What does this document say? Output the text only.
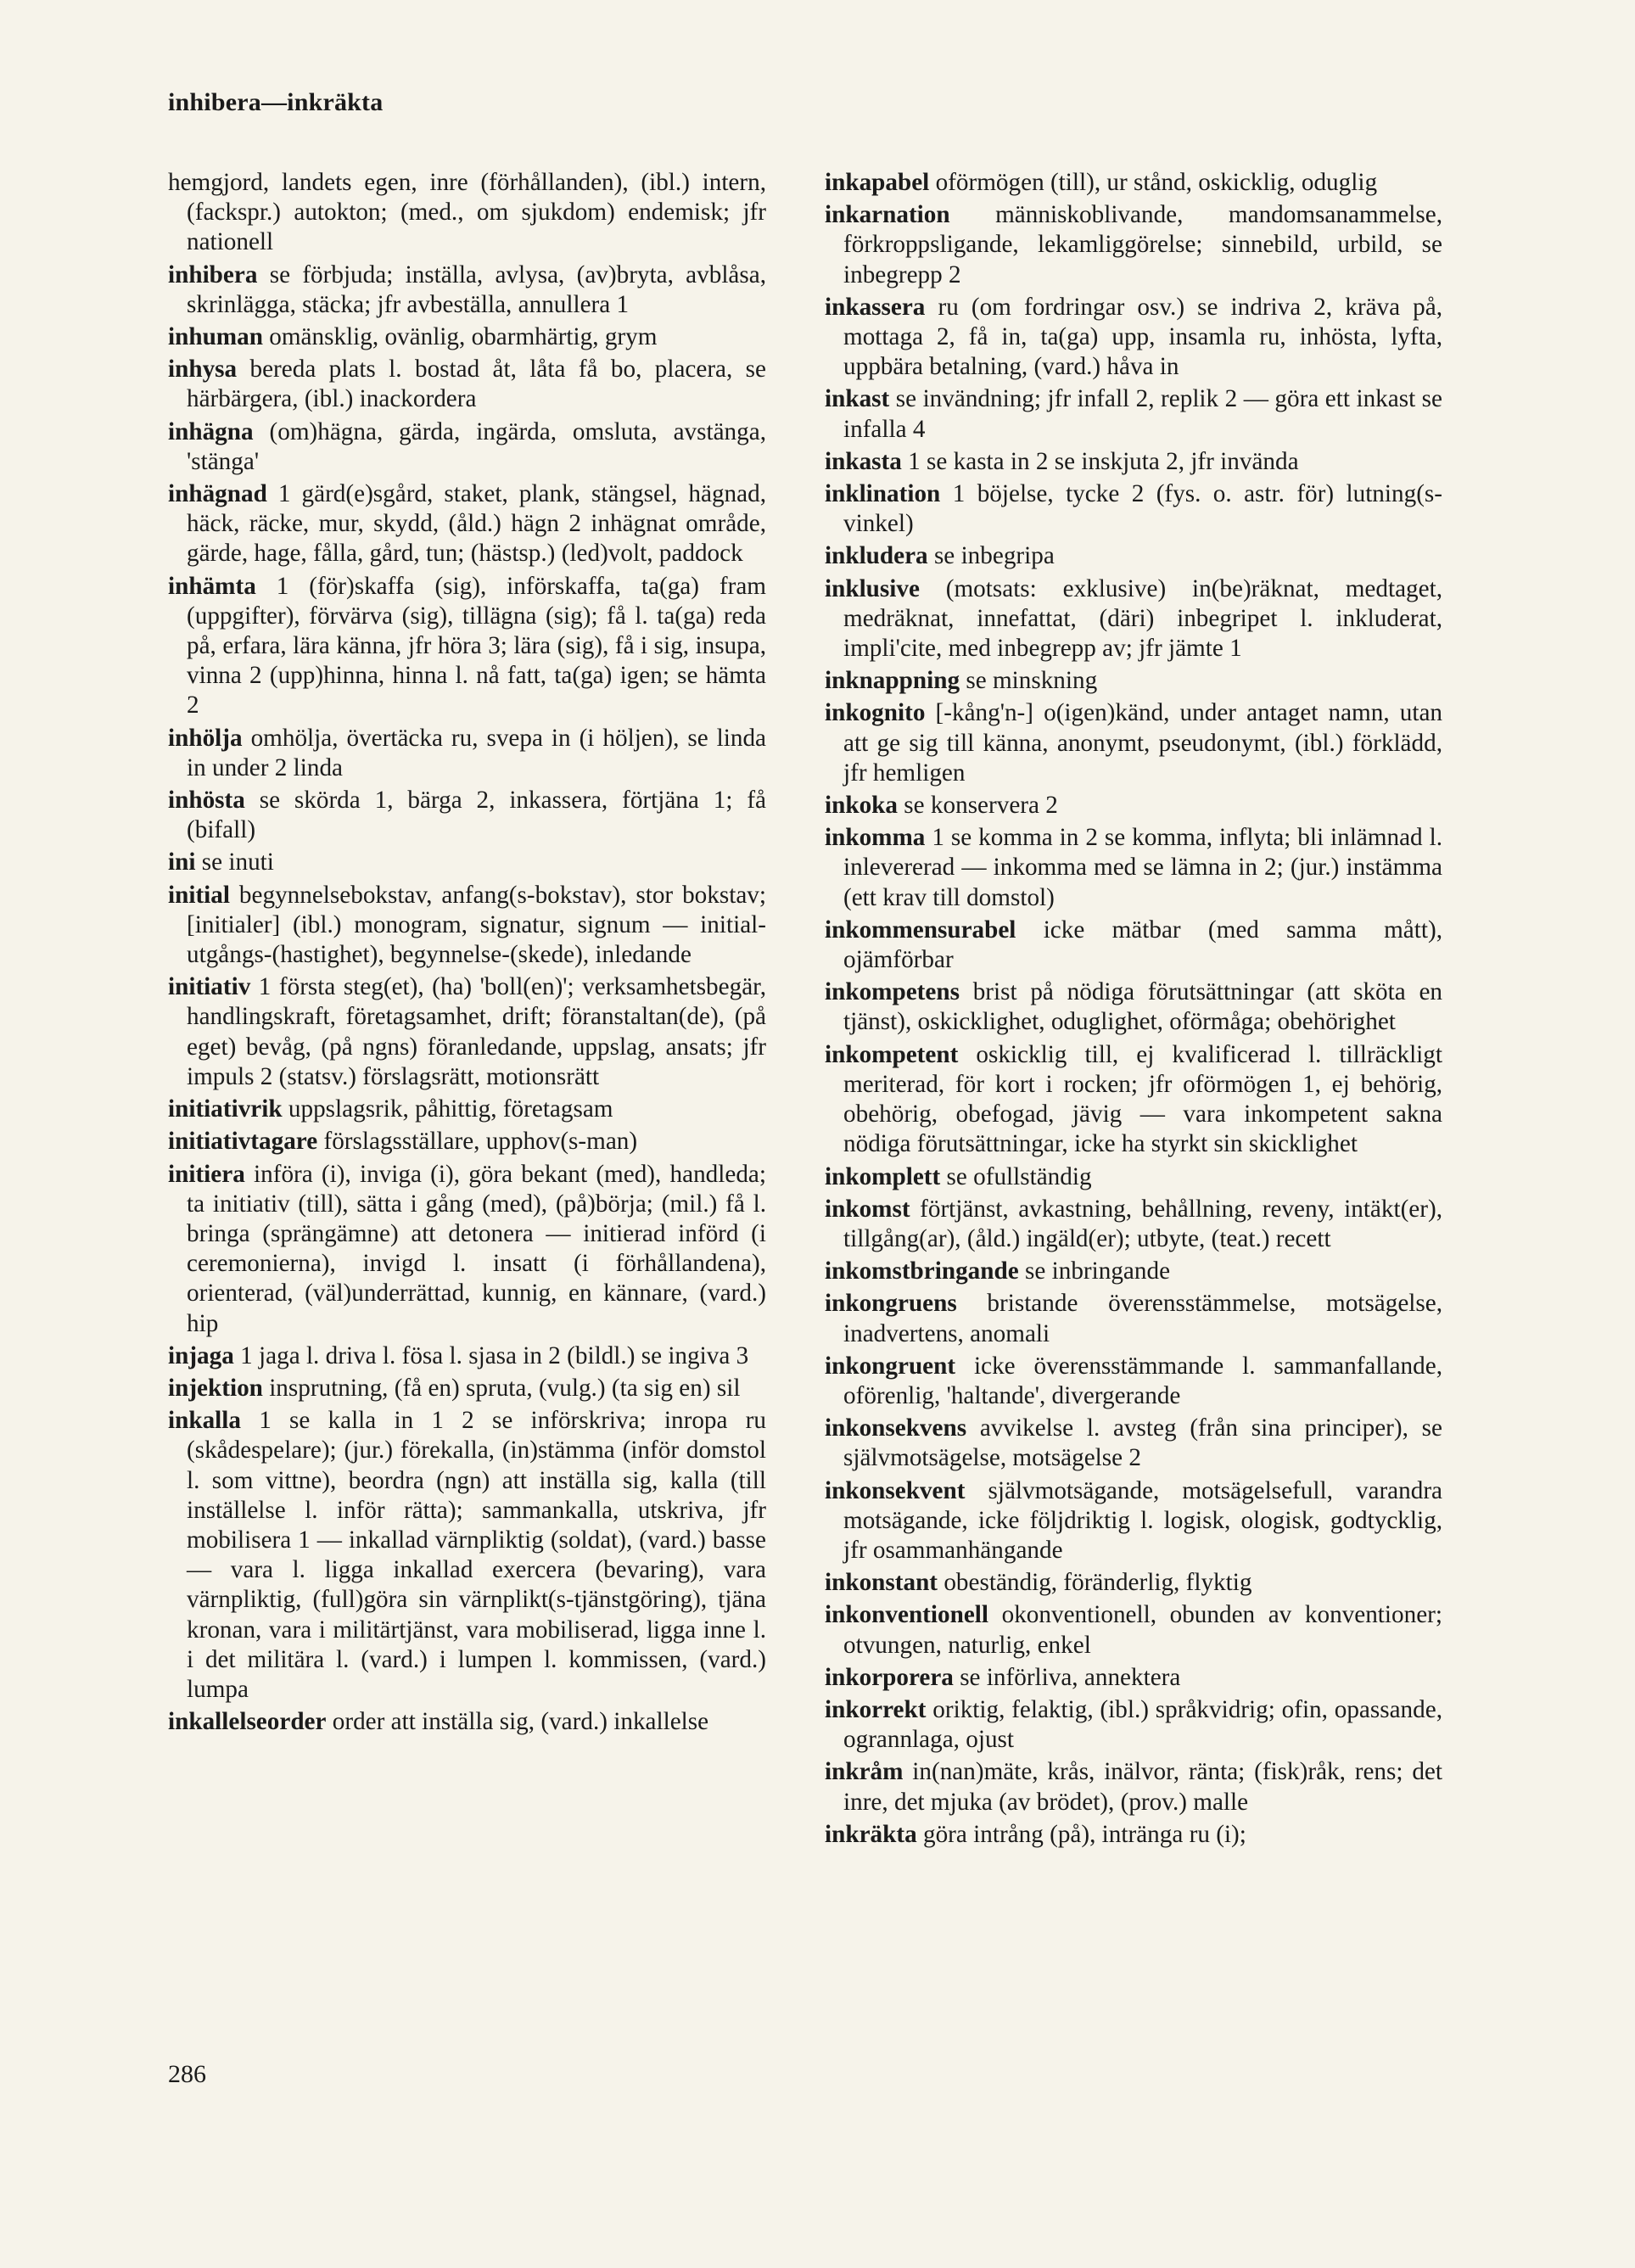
inhibera—inkräkta

hemgjord, landets egen, inre (förhållanden), (ibl.) intern, (fackspr.) autokton; (med., om sjukdom) endemisk; jfr nationell

inhibera se förbjuda; inställa, avlysa, (av)bryta, avblåsa, skrinlägga, stäcka; jfr avbeställa, annullera 1

inhuman omänsklig, ovänlig, obarmhärtig, grym

inhysa bereda plats l. bostad åt, låta få bo, placera, se härbärgera, (ibl.) inackordera

inhägna (om)hägna, gärda, ingärda, omsluta, avstänga, 'stänga'

inhägnad 1 gärd(e)sgård, staket, plank, stängsel, hägnad, häck, räcke, mur, skydd, (åld.) hägn 2 inhägnat område, gärde, hage, fålla, gård, tun; (hästsp.) (led)volt, paddock

inhämta 1 (för)skaffa (sig), införskaffa, ta(ga) fram (uppgifter), förvärva (sig), tillägna (sig); få l. ta(ga) reda på, erfara, lära känna, jfr höra 3; lära (sig), få i sig, insupa, vinna 2 (upp)hinna, hinna l. nå fatt, ta(ga) igen; se hämta 2

inhölja omhölja, övertäcka ru, svepa in (i höljen), se linda in under 2 linda

inhösta se skörda 1, bärga 2, inkassera, förtjäna 1; få (bifall)

ini se inuti

initial begynnelsebokstav, anfang(s-bokstav), stor bokstav; [initialer] (ibl.) monogram, signatur, signum — initial- utgångs-(hastighet), begynnelse-(skede), inledande

initiativ 1 första steg(et), (ha) 'boll(en)'; verksamhetsbegär, handlingskraft, företagsamhet, drift; föranstaltan(de), (på eget) bevåg, (på ngns) föranledande, uppslag, ansats; jfr impuls 2 (statsv.) förslagsrätt, motionsrätt

initiativrik uppslagsrik, påhittig, företagsam

initiativtagare förslagsställare, upphov(s-man)

initiera införa (i), inviga (i), göra bekant (med), handleda; ta initiativ (till), sätta i gång (med), (på)börja; (mil.) få l. bringa (sprängämne) att detonera — initierad införd (i ceremonierna), invigd l. insatt (i förhållandena), orienterad, (väl)underrättad, kunnig, en kännare, (vard.) hip

injaga 1 jaga l. driva l. fösa l. sjasa in 2 (bildl.) se ingiva 3

injektion insprutning, (få en) spruta, (vulg.) (ta sig en) sil

inkalla 1 se kalla in 1 2 se införskriva; inropa ru (skådespelare); (jur.) förekalla, (in)stämma (inför domstol l. som vittne), beordra (ngn) att inställa sig, kalla (till inställelse l. inför rätta); sammankalla, utskriva, jfr mobilisera 1 — inkallad värnpliktig (soldat), (vard.) basse — vara l. ligga inkallad exercera (bevaring), vara värnpliktig, (full)göra sin värnplikt(s-tjänstgöring), tjäna kronan, vara i militärtjänst, vara mobiliserad, ligga inne l. i det militära l. (vard.) i lumpen l. kommissen, (vard.) lumpa

inkallelseorder order att inställa sig, (vard.) inkallelse

inkapabel oförmögen (till), ur stånd, oskicklig, oduglig

inkarnation människoblivande, mandomsanammelse, förkroppsligande, lekamliggörelse; sinnebild, urbild, se inbegrepp 2

inkassera ru (om fordringar osv.) se indriva 2, kräva på, mottaga 2, få in, ta(ga) upp, insamla ru, inhösta, lyfta, uppbära betalning, (vard.) håva in

inkast se invändning; jfr infall 2, replik 2 — göra ett inkast se infalla 4

inkasta 1 se kasta in 2 se inskjuta 2, jfr invända

inklination 1 böjelse, tycke 2 (fys. o. astr. för) lutning(s-vinkel)

inkludera se inbegripa

inklusive (motsats: exklusive) in(be)räknat, medtaget, medräknat, innefattat, (däri) inbegripet l. inkluderat, impli'cite, med inbegrepp av; jfr jämte 1

inknappning se minskning

inkognito [-kång'n-] o(igen)känd, under antaget namn, utan att ge sig till känna, anonymt, pseudonymt, (ibl.) förklädd, jfr hemligen

inkoka se konservera 2

inkomma 1 se komma in 2 se komma, inflyta; bli inlämnad l. inlevererad — inkomma med se lämna in 2; (jur.) instämma (ett krav till domstol)

inkommensurabel icke mätbar (med samma mått), ojämförbar

inkompetens brist på nödiga förutsättningar (att sköta en tjänst), oskicklighet, oduglighet, oförmåga; obehörighet

inkompetent oskicklig till, ej kvalificerad l. tillräckligt meriterad, för kort i rocken; jfr oförmögen 1, ej behörig, obehörig, obefogad, jävig — vara inkompetent sakna nödiga förutsättningar, icke ha styrkt sin skicklighet

inkomplett se ofullständig

inkomst förtjänst, avkastning, behållning, reveny, intäkt(er), tillgång(ar), (åld.) ingäld(er); utbyte, (teat.) recett

inkomstbringande se inbringande

inkongruens bristande överensstämmelse, motsägelse, inadvertens, anomali

inkongruent icke överensstämmande l. sammanfallande, oförenlig, 'haltande', divergerande

inkonsekvens avvikelse l. avsteg (från sina principer), se självmotsägelse, motsägelse 2

inkonsekvent självmotsägande, motsägelsefull, varandra motsägande, icke följdriktig l. logisk, ologisk, godtycklig, jfr osammanhängande

inkonstant obeständig, föränderlig, flyktig

inkonventionell okonventionell, obunden av konventioner; otvungen, naturlig, enkel

inkorporera se införliva, annektera

inkorrekt oriktig, felaktig, (ibl.) språkvidrig; ofin, opassande, ogrannlaga, ojust

inkråm in(nan)mäte, krås, inälvor, ränta; (fisk)råk, rens; det inre, det mjuka (av brödet), (prov.) malle

inkräkta göra intrång (på), intränga ru (i);

286
